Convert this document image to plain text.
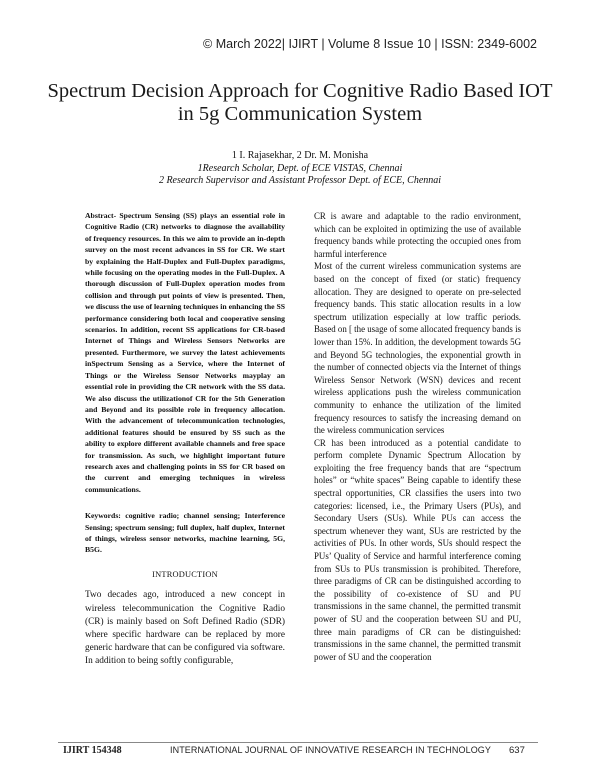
© March 2022| IJIRT | Volume 8 Issue 10 | ISSN: 2349-6002
Spectrum Decision Approach for Cognitive Radio Based IOT in 5g Communication System
1 I. Rajasekhar, 2 Dr. M. Monisha
1Research Scholar, Dept. of ECE VISTAS, Chennai
2 Research Supervisor and Assistant Professor Dept. of ECE, Chennai

Abstract- Spectrum Sensing (SS) plays an essential role in Cognitive Radio (CR) networks to diagnose the availability of frequency resources. In this we aim to provide an in-depth survey on the most recent advances in SS for CR. We start by explaining the Half-Duplex and Full-Duplex paradigms, while focusing on the operating modes in the Full-Duplex. A thorough discussion of Full-Duplex operation modes from collision and through put points of view is presented. Then, we discuss the use of learning techniques in enhancing the SS performance considering both local and cooperative sensing scenarios. In addition, recent SS applications for CR-based Internet of Things and Wireless Sensors Networks are presented. Furthermore, we survey the latest achievements inSpectrum Sensing as a Service, where the Internet of Things or the Wireless Sensor Networks mayplay an essential role in providing the CR network with the SS data. We also discuss the utilizationof CR for the 5th Generation and Beyond and its possible role in frequency allocation. With the advancement of telecommunication technologies, additional features should be ensured by SS such as the ability to explore different available channels and free space for transmission. As such, we highlight important future research axes and challenging points in SS for CR based on the current and emerging techniques in wireless communications.

Keywords: cognitive radio; channel sensing; Interference Sensing; spectrum sensing; full duplex, half duplex, Internet of things, wireless sensor networks, machine learning, 5G, B5G.

INTRODUCTION

Two decades ago, introduced a new concept in wireless telecommunication the Cognitive Radio (CR) is mainly based on Soft Defined Radio (SDR) where specific hardware can be replaced by more generic hardware that can be configured via software. In addition to being softly configurable,

CR is aware and adaptable to the radio environment, which can be exploited in optimizing the use of available frequency bands while protecting the occupied ones from harmful interference

Most of the current wireless communication systems are based on the concept of fixed (or static) frequency allocation. They are designed to operate on pre-selected frequency bands. This static allocation results in a low spectrum utilization especially at low traffic periods. Based on [ the usage of some allocated frequency bands is lower than 15%. In addition, the development towards 5G and Beyond 5G technologies, the exponential growth in the number of connected objects via the Internet of things Wireless Sensor Network (WSN) devices and recent wireless applications push the wireless communication community to enhance the utilization of the limited frequency resources to satisfy the increasing demand on the wireless communication services

CR has been introduced as a potential candidate to perform complete Dynamic Spectrum Allocation by exploiting the free frequency bands that are “spectrum holes” or “white spaces” Being capable to identify these spectral opportunities, CR classifies the users into two categories: licensed, i.e., the Primary Users (PUs), and Secondary Users (SUs). While PUs can access the spectrum whenever they want, SUs are restricted by the activities of PUs. In other words, SUs should respect the PUs’ Quality of Service and harmful interference coming from SUs to PUs transmission is prohibited. Therefore, three paradigms of CR can be distinguished according to the possibility of co-existence of SU and PU transmissions in the same channel, the permitted transmit power of SU and the cooperation between SU and PU, three main paradigms of CR can be distinguished: transmissions in the same channel, the permitted transmit power of SU and the cooperation

IJIRT 154348	INTERNATIONAL JOURNAL OF INNOVATIVE RESEARCH IN TECHNOLOGY 637
